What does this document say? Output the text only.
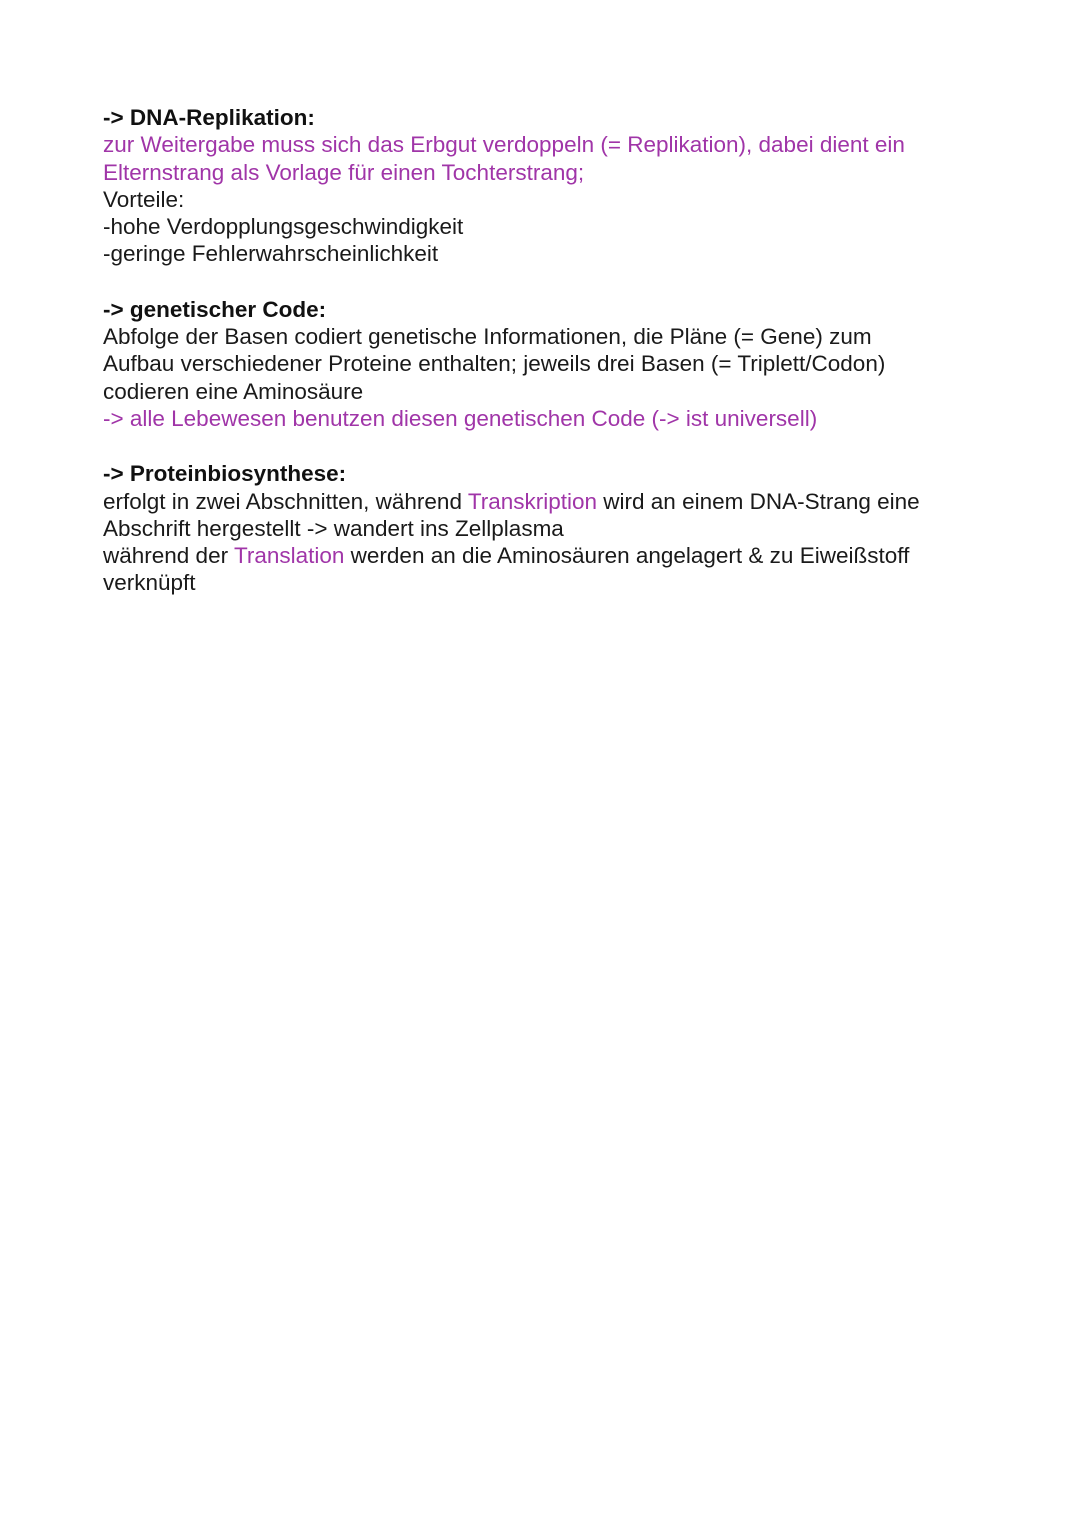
-> DNA-Replikation:
zur Weitergabe muss sich das Erbgut verdoppeln (= Replikation), dabei dient ein
Elternstrang als Vorlage für einen Tochterstrang;
Vorteile:
-hohe Verdopplungsgeschwindigkeit
-geringe Fehlerwahrscheinlichkeit
-> genetischer Code:
Abfolge der Basen codiert genetische Informationen, die Pläne (= Gene) zum
Aufbau verschiedener Proteine enthalten; jeweils drei Basen (= Triplett/Codon)
codieren eine Aminosäure
-> alle Lebewesen benutzen diesen genetischen Code (-> ist universell)
-> Proteinbiosynthese:
erfolgt in zwei Abschnitten, während Transkription wird an einem DNA-Strang eine
Abschrift hergestellt -> wandert ins Zellplasma
während der Translation werden an die Aminosäuren angelagert & zu Eiweißstoff
verknüpft
